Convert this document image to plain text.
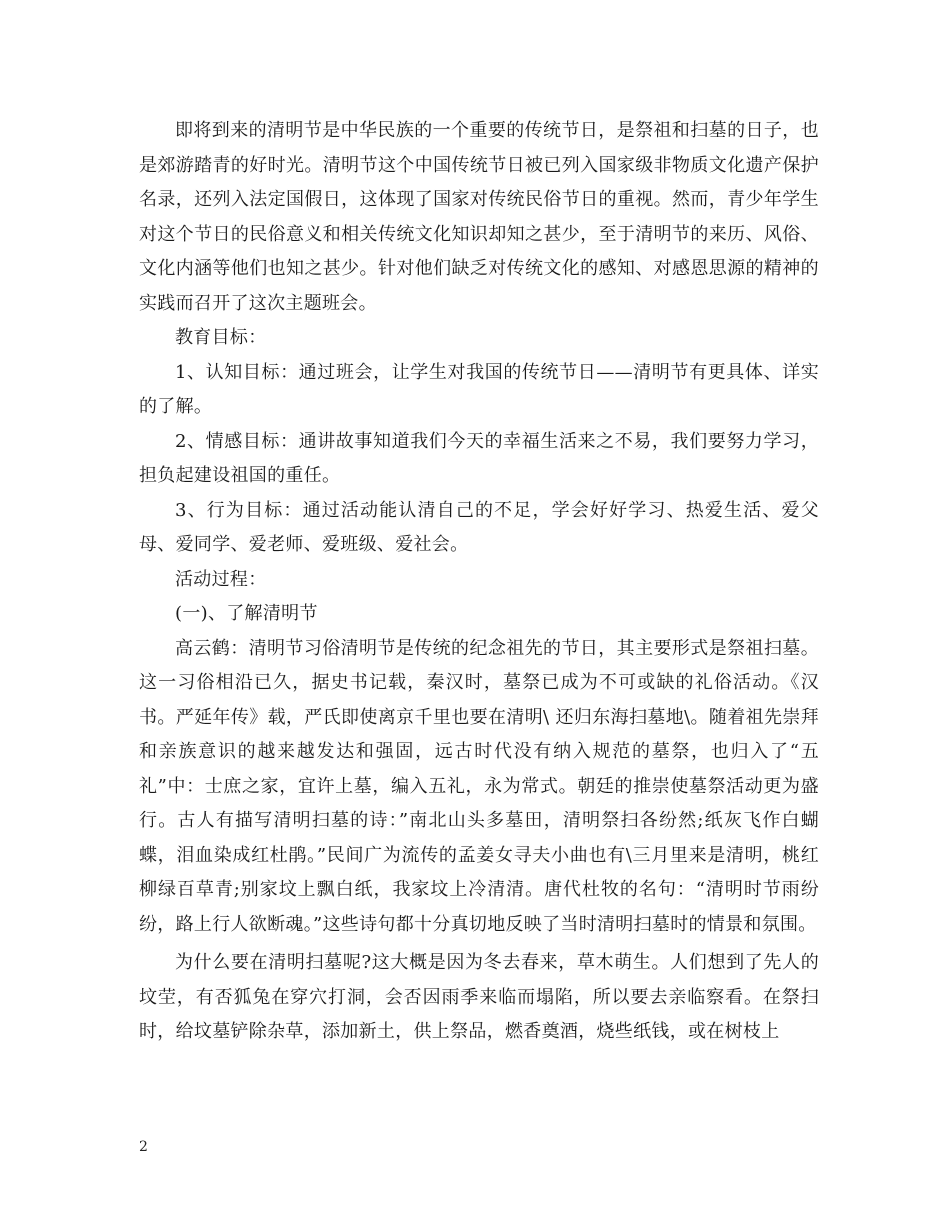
即将到来的清明节是中华民族的一个重要的传统节日，是祭祖和扫墓的日子，也是郊游踏青的好时光。清明节这个中国传统节日被已列入国家级非物质文化遗产保护名录，还列入法定国假日，这体现了国家对传统民俗节日的重视。然而，青少年学生对这个节日的民俗意义和相关传统文化知识却知之甚少，至于清明节的来历、风俗、文化内涵等他们也知之甚少。针对他们缺乏对传统文化的感知、对感恩思源的精神的实践而召开了这次主题班会。

教育目标：

1、认知目标：通过班会，让学生对我国的传统节日——清明节有更具体、详实的了解。

2、情感目标：通讲故事知道我们今天的幸福生活来之不易，我们要努力学习，担负起建设祖国的重任。

3、行为目标：通过活动能认清自己的不足，学会好好学习、热爱生活、爱父母、爱同学、爱老师、爱班级、爱社会。

活动过程：

(一)、了解清明节

高云鹤：清明节习俗清明节是传统的纪念祖先的节日，其主要形式是祭祖扫墓。这一习俗相沿已久，据史书记载，秦汉时，墓祭已成为不可或缺的礼俗活动。《汉书。严延年传》载，严氏即使离京千里也要在清明\ 还归东海扫墓地\。随着祖先崇拜和亲族意识的越来越发达和强固，远古时代没有纳入规范的墓祭，也归入了“五礼”中：士庶之家，宜许上墓，编入五礼，永为常式。朝廷的推崇使墓祭活动更为盛行。古人有描写清明扫墓的诗：”南北山头多墓田，清明祭扫各纷然;纸灰飞作白蝴蝶，泪血染成红杜鹃。”民间广为流传的孟姜女寻夫小曲也有\三月里来是清明，桃红柳绿百草青;别家坟上飘白纸，我家坟上冷清清。唐代杜牧的名句：“清明时节雨纷纷，路上行人欲断魂。”这些诗句都十分真切地反映了当时清明扫墓时的情景和氛围。

为什么要在清明扫墓呢?这大概是因为冬去春来，草木萌生。人们想到了先人的坟茔，有否狐兔在穿穴打洞，会否因雨季来临而塌陷，所以要去亲临察看。在祭扫时，给坟墓铲除杂草，添加新土，供上祭品，燃香奠酒，烧些纸钱，或在树枝上

2
